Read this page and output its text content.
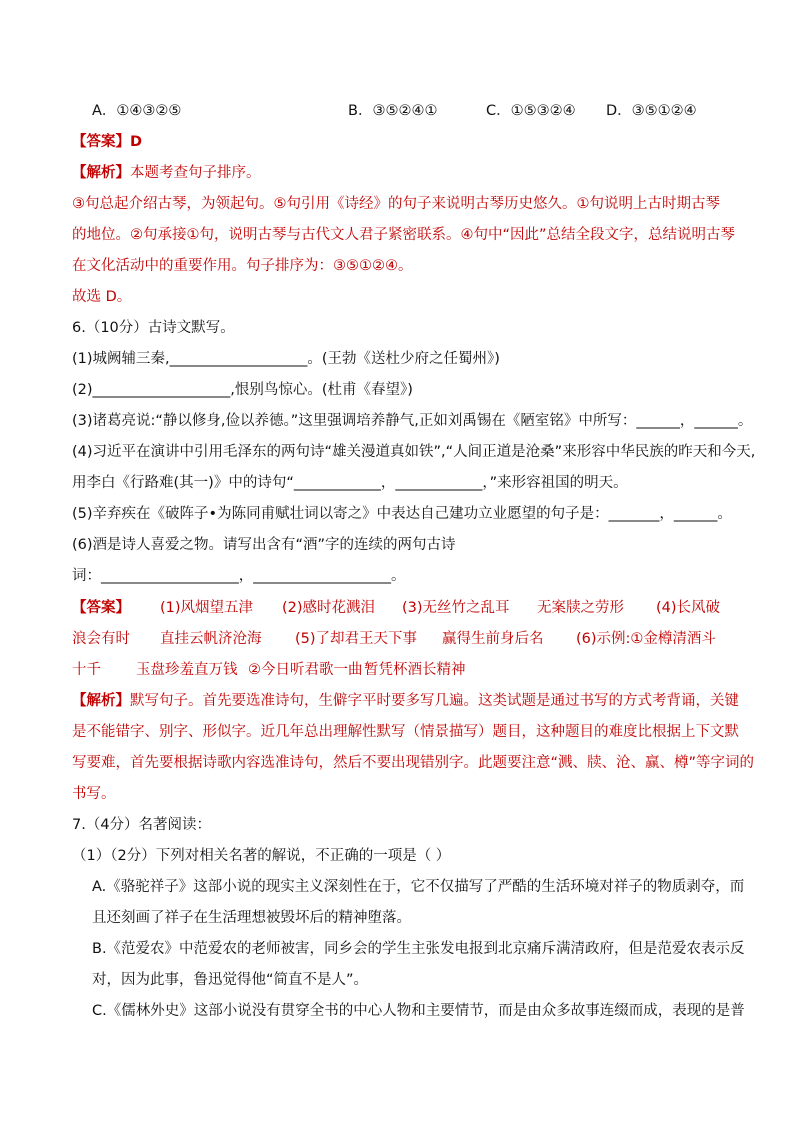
A．①④③②⑤	B．③⑤②④①	C．①⑤③②④ D．③⑤①②④
【答案】D
【解析】本题考查句子排序。
③句总起介绍古琴，为领起句。⑤句引用《诗经》的句子来说明古琴历史悠久。①句说明上古时期古琴
的地位。②句承接①句，说明古琴与古代文人君子紧密联系。④句中“因此”总结全段文字，总结说明古琴
在文化活动中的重要作用。句子排序为：③⑤①②④。
故选 D。
6.（10分）古诗文默写。
(1)城阙辅三秦,___________________。(王勃《送杜少府之任蜀州》)
(2)___________________,恨别鸟惊心。(杜甫《春望》)
(3)诸葛亮说:“静以修身,俭以养德。”这里强调培养静气,正如刘禹锡在《陋室铭》中所写：______，______。
(4)习近平在演讲中引用毛泽东的两句诗“雄关漫道真如铁”,“人间正道是沧桑”来形容中华民族的昨天和今天,
用李白《行路难(其一)》中的诗句“____________，____________，”来形容祖国的明天。
(5)辛弃疾在《破阵子•为陈同甫赋壮词以寄之》中表达自己建功立业愿望的句子是：_______，______。
(6)酒是诗人喜爱之物。请写出含有“酒”字的连续的两句古诗
词：___________________，___________________。
【答案】 (1)风烟望五津 (2)感时花溅泪 (3)无丝竹之乱耳 无案牍之劳形 (4)长风破
浪会有时 直挂云帆济沧海 (5)了却君王天下事 赢得生前身后名 (6)示例:①金樽清酒斗
十千 玉盘珍羞直万钱 ②今日听君歌一曲 暂凭杯酒长精神
【解析】默写句子。首先要选准诗句，生僻字平时要多写几遍。这类试题是通过书写的方式考背诵，关键
是不能错字、别字、形似字。近几年总出理解性默写（情景描写）题目，这种题目的难度比根据上下文默
写要难，首先要根据诗歌内容选准诗句，然后不要出现错别字。此题要注意“溅、牍、沧、赢、樽”等字词的
书写。
7.（4分）名著阅读：
（1）（2分）下列对相关名著的解说，不正确的一项是（ ）
A.《骆驼祥子》这部小说的现实主义深刻性在于，它不仅描写了严酷的生活环境对祥子的物质剥夺，而
且还刻画了祥子在生活理想被毁坏后的精神堕落。
B.《范爱农》中范爱农的老师被害，同乡会的学生主张发电报到北京痛斥满清政府，但是范爱农表示反
对，因为此事，鲁迅觉得他“简直不是人”。
C.《儒林外史》这部小说没有贯穿全书的中心人物和主要情节，而是由众多故事连缀而成，表现的是普
